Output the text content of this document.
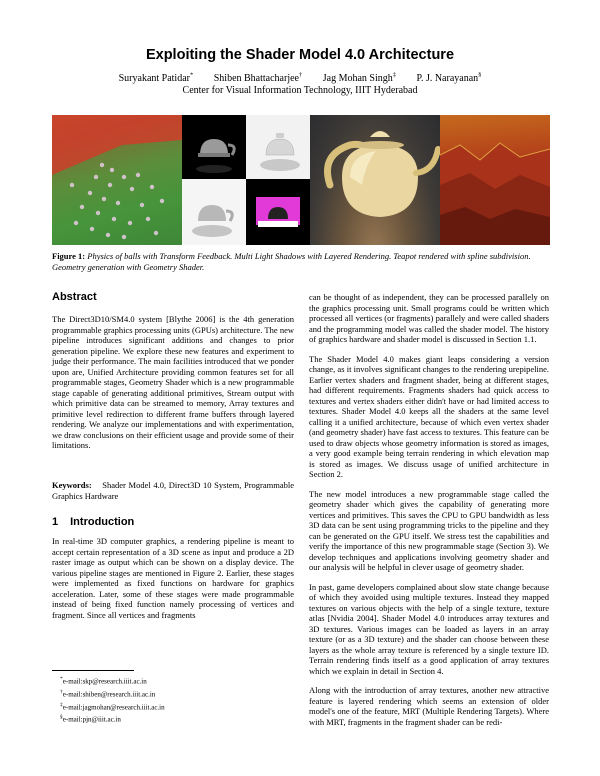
Exploiting the Shader Model 4.0 Architecture
Suryakant Patidar* Shiben Bhattacharjee† Jag Mohan Singh‡ P. J. Narayanan§
Center for Visual Information Technology, IIIT Hyderabad
Figure 1: Physics of balls with Transform Feedback. Multi Light Shadows with Layered Rendering. Teapot rendered with spline subdivision. Geometry generation with Geometry Shader.
Abstract
The Direct3D10/SM4.0 system [Blythe 2006] is the 4th generation programmable graphics processing units (GPUs) architecture. The new pipeline introduces significant additions and changes to prior generation pipeline. We explore these new features and experiment to judge their performance. The main facilities introduced that we ponder upon are, Unified Architecture providing common features set for all programmable stages, Geometry Shader which is a new programmable stage capable of generating additional primitives, Stream output with which primitive data can be streamed to memory, Array textures and primitive level redirection to different frame buffers through layered rendering. We analyze our implementations and with experimentation, we draw conclusions on their efficient usage and provide some of their limitations.
Keywords: Shader Model 4.0, Direct3D 10 System, Programmable Graphics Hardware
1 Introduction
In real-time 3D computer graphics, a rendering pipeline is meant to accept certain representation of a 3D scene as input and produce a 2D raster image as output which can be shown on a display device. The various pipeline stages are mentioned in Figure 2. Earlier, these stages were implemented as fixed functions on hardware for graphics acceleration. Later, some of these stages were made programmable instead of being fixed function namely processing of vertices and fragment. Since all vertices and fragments
*e-mail:skp@research.iiit.ac.in
†e-mail:shiben@research.iiit.ac.in
‡e-mail:jagmohan@research.iiit.ac.in
§e-mail:pjn@iiit.ac.in

can be thought of as independent, they can be processed parallely on the graphics processing unit. Small programs could be written which processed all vertices (or fragments) parallely and were called shaders and the programming model was called the shader model. The history of graphics hardware and shader model is discussed in Section 1.1.

The Shader Model 4.0 makes giant leaps considering a version change, as it involves significant changes to the rendering urepipeline. Earlier vertex shaders and fragment shader, being at different stages, had different requirements. Fragments shaders had quick access to textures and vertex shaders either didn't have or had limited access to textures. Shader Model 4.0 keeps all the shaders at the same level calling it a unified architecture, because of which even vertex shader (and geometry shader) have fast access to textures. This feature can be used to draw objects whose geometry information is stored as images, a very good example being terrain rendering in which elevation map is stored as images. We discuss usage of unified architecture in Section 2.

The new model introduces a new programmable stage called the geometry shader which gives the capability of generating more vertices and primitives. This saves the CPU to GPU bandwidth as less 3D data can be sent using programming tricks to the pipeline and they can be generated on the GPU itself. We stress test the capabilities and verify the importance of this new programmable stage (Section 3). We develop techniques and applications involving geometry shader and our analysis will be helpful in clever usage of geometry shader.

In past, game developers complained about slow state change because of which they avoided using multiple textures. Instead they mapped textures on various objects with the help of a single texture, texture atlas [Nvidia 2004]. Shader Model 4.0 introduces array textures and 3D textures. Various images can be loaded as layers in an array texture (or as a 3D texture) and the shader can choose between these layers as the whole array texture is referenced by a single texture ID. Terrain rendering finds itself as a good application of array textures which we explain in detail in Section 4.

Along with the introduction of array textures, another new attractive feature is layered rendering which seems an extension of older model's one of the feature, MRT (Multiple Rendering Targets). Where with MRT, fragments in the fragment shader can be redi-
